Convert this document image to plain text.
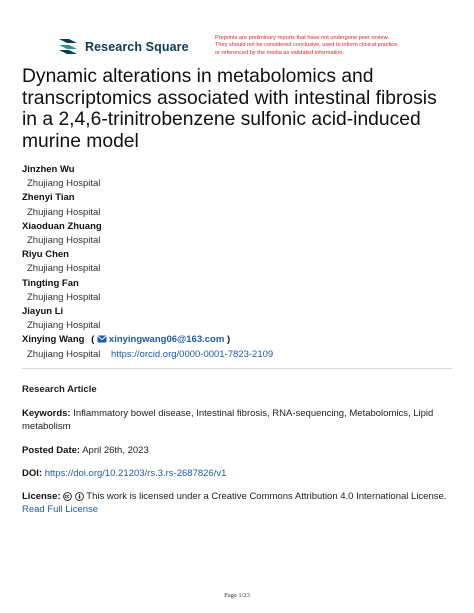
Research Square
Preprints are preliminary reports that have not undergone peer review.
They should not be considered conclusive, used to inform clinical practice,
or referenced by the media as validated information.
Dynamic alterations in metabolomics and
transcriptomics associated with intestinal fibrosis
in a 2,4,6-trinitrobenzene sulfonic acid-induced
murine model
Jinzhen Wu
Zhujiang Hospital
Zhenyi Tian
Zhujiang Hospital
Xiaoduan Zhuang
Zhujiang Hospital
Riyu Chen
Zhujiang Hospital
Tingting Fan
Zhujiang Hospital
Jiayun Li
Zhujiang Hospital
Xinying Wang ( xinyingwang06@163.com )
Zhujiang Hospital https://orcid.org/0000-0001-7823-2109
Research Article
Keywords: Inflammatory bowel disease, Intestinal fibrosis, RNA-sequencing, Metabolomics, Lipid metabolism
Posted Date: April 26th, 2023
DOI: https://doi.org/10.21203/rs.3.rs-2687826/v1
License:	This work is licensed under a Creative Commons Attribution 4.0 International License.
Read Full License
Page 1/23
